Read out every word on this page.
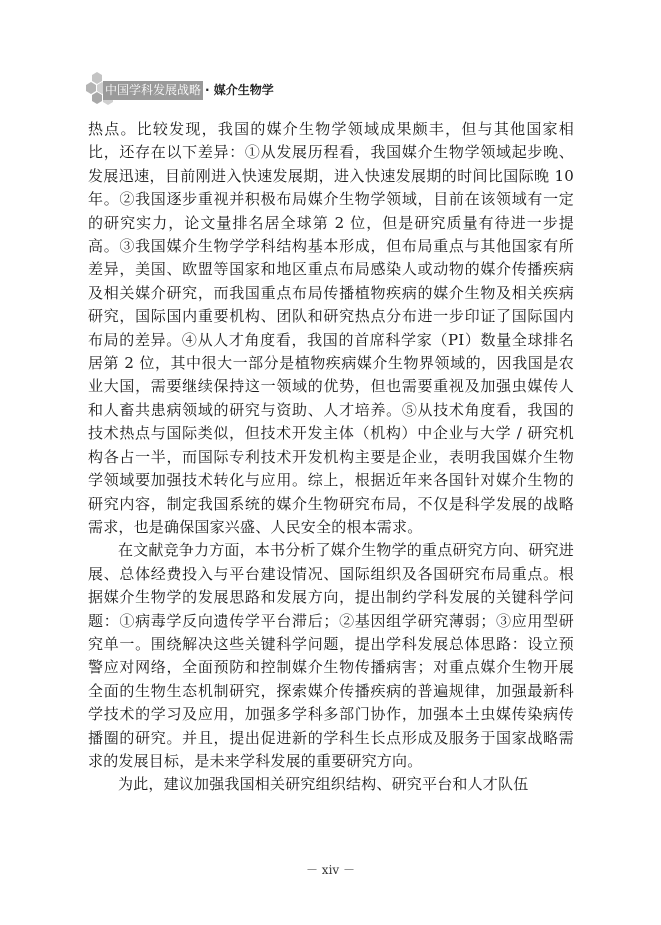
中国学科发展战略 · 媒介生物学

热点。比较发现，我国的媒介生物学领域成果颇丰，但与其他国家相比，还存在以下差异：①从发展历程看，我国媒介生物学领域起步晚、发展迅速，目前刚进入快速发展期，进入快速发展期的时间比国际晚 10 年。②我国逐步重视并积极布局媒介生物学领域，目前在该领域有一定的研究实力，论文量排名居全球第 2 位，但是研究质量有待进一步提高。③我国媒介生物学学科结构基本形成，但布局重点与其他国家有所差异，美国、欧盟等国家和地区重点布局感染人或动物的媒介传播疾病及相关媒介研究，而我国重点布局传播植物疾病的媒介生物及相关疾病研究，国际国内重要机构、团队和研究热点分布进一步印证了国际国内布局的差异。④从人才角度看，我国的首席科学家（PI）数量全球排名居第 2 位，其中很大一部分是植物疾病媒介生物界领域的，因我国是农业大国，需要继续保持这一领域的优势，但也需要重视及加强虫媒传人和人畜共患病领域的研究与资助、人才培养。⑤从技术角度看，我国的技术热点与国际类似，但技术开发主体（机构）中企业与大学 / 研究机构各占一半，而国际专利技术开发机构主要是企业，表明我国媒介生物学领域要加强技术转化与应用。综上，根据近年来各国针对媒介生物的研究内容，制定我国系统的媒介生物研究布局，不仅是科学发展的战略需求，也是确保国家兴盛、人民安全的根本需求。

在文献竞争力方面，本书分析了媒介生物学的重点研究方向、研究进展、总体经费投入与平台建设情况、国际组织及各国研究布局重点。根据媒介生物学的发展思路和发展方向，提出制约学科发展的关键科学问题：①病毒学反向遗传学平台滞后；②基因组学研究薄弱；③应用型研究单一。围绕解决这些关键科学问题，提出学科发展总体思路：设立预警应对网络，全面预防和控制媒介生物传播病害；对重点媒介生物开展全面的生物生态机制研究，探索媒介传播疾病的普遍规律，加强最新科学技术的学习及应用，加强多学科多部门协作，加强本土虫媒传染病传播圈的研究。并且，提出促进新的学科生长点形成及服务于国家战略需求的发展目标，是未来学科发展的重要研究方向。

为此，建议加强我国相关研究组织结构、研究平台和人才队伍

－ xiv －
